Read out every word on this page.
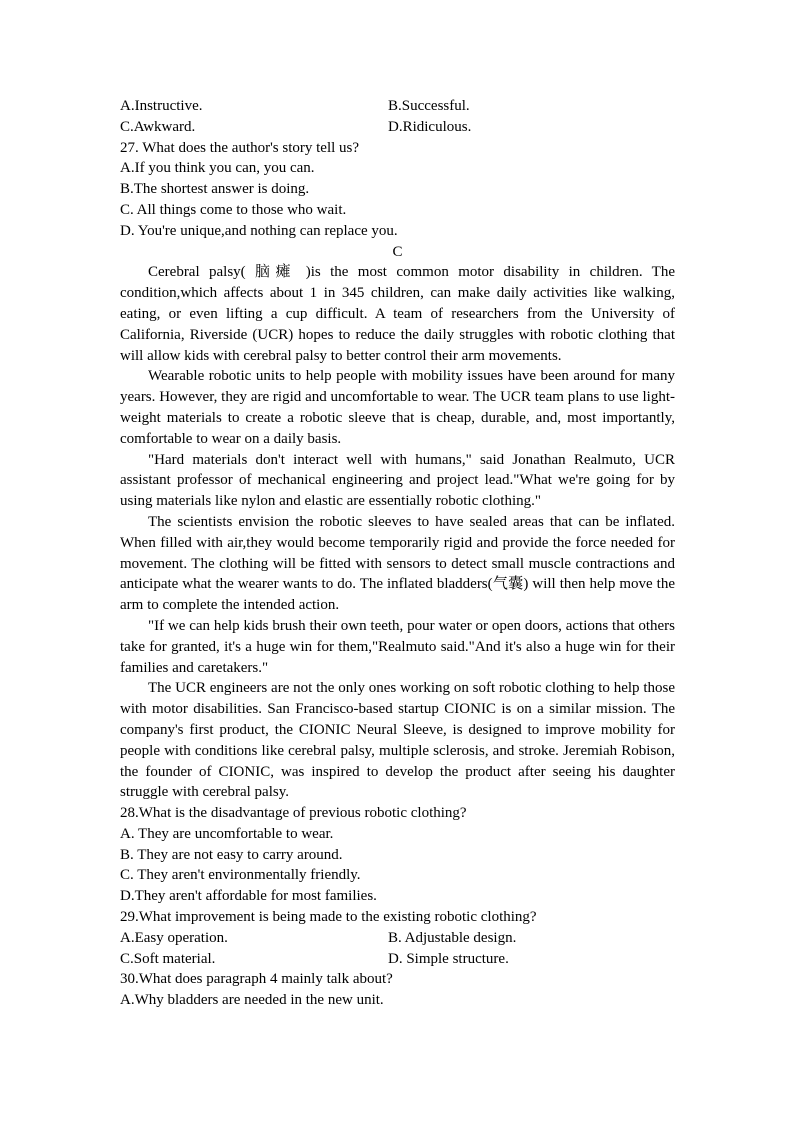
A.Instructive.	B.Successful.
C.Awkward.	D.Ridiculous.
27. What does the author's story tell us?
A.If you think you can, you can.
B.The shortest answer is doing.
C. All things come to those who wait.
D. You're unique,and nothing can replace you.
C

Cerebral palsy( 脑瘫 )is the most common motor disability in children. The condition,which affects about 1 in 345 children, can make daily activities like walking, eating, or even lifting a cup difficult. A team of researchers from the University of California, Riverside (UCR) hopes to reduce the daily struggles with robotic clothing that will allow kids with cerebral palsy to better control their arm movements.

Wearable robotic units to help people with mobility issues have been around for many years. However, they are rigid and uncomfortable to wear. The UCR team plans to use light-weight materials to create a robotic sleeve that is cheap, durable, and, most importantly, comfortable to wear on a daily basis.

"Hard materials don't interact well with humans," said Jonathan Realmuto, UCR assistant professor of mechanical engineering and project lead."What we're going for by using materials like nylon and elastic are essentially robotic clothing."

The scientists envision the robotic sleeves to have sealed areas that can be inflated. When filled with air,they would become temporarily rigid and provide the force needed for movement. The clothing will be fitted with sensors to detect small muscle contractions and anticipate what the wearer wants to do. The inflated bladders(气囊) will then help move the arm to complete the intended action.

"If we can help kids brush their own teeth, pour water or open doors, actions that others take for granted, it's a huge win for them,"Realmuto said."And it's also a huge win for their families and caretakers."

The UCR engineers are not the only ones working on soft robotic clothing to help those with motor disabilities. San Francisco-based startup CIONIC is on a similar mission. The company's first product, the CIONIC Neural Sleeve, is designed to improve mobility for people with conditions like cerebral palsy, multiple sclerosis, and stroke. Jeremiah Robison, the founder of CIONIC, was inspired to develop the product after seeing his daughter struggle with cerebral palsy.

28.What is the disadvantage of previous robotic clothing?
A. They are uncomfortable to wear.
B. They are not easy to carry around.
C. They aren't environmentally friendly.
D.They aren't affordable for most families.
29.What improvement is being made to the existing robotic clothing?
A.Easy operation.	B. Adjustable design.
C.Soft material.	D. Simple structure.
30.What does paragraph 4 mainly talk about?
A.Why bladders are needed in the new unit.
